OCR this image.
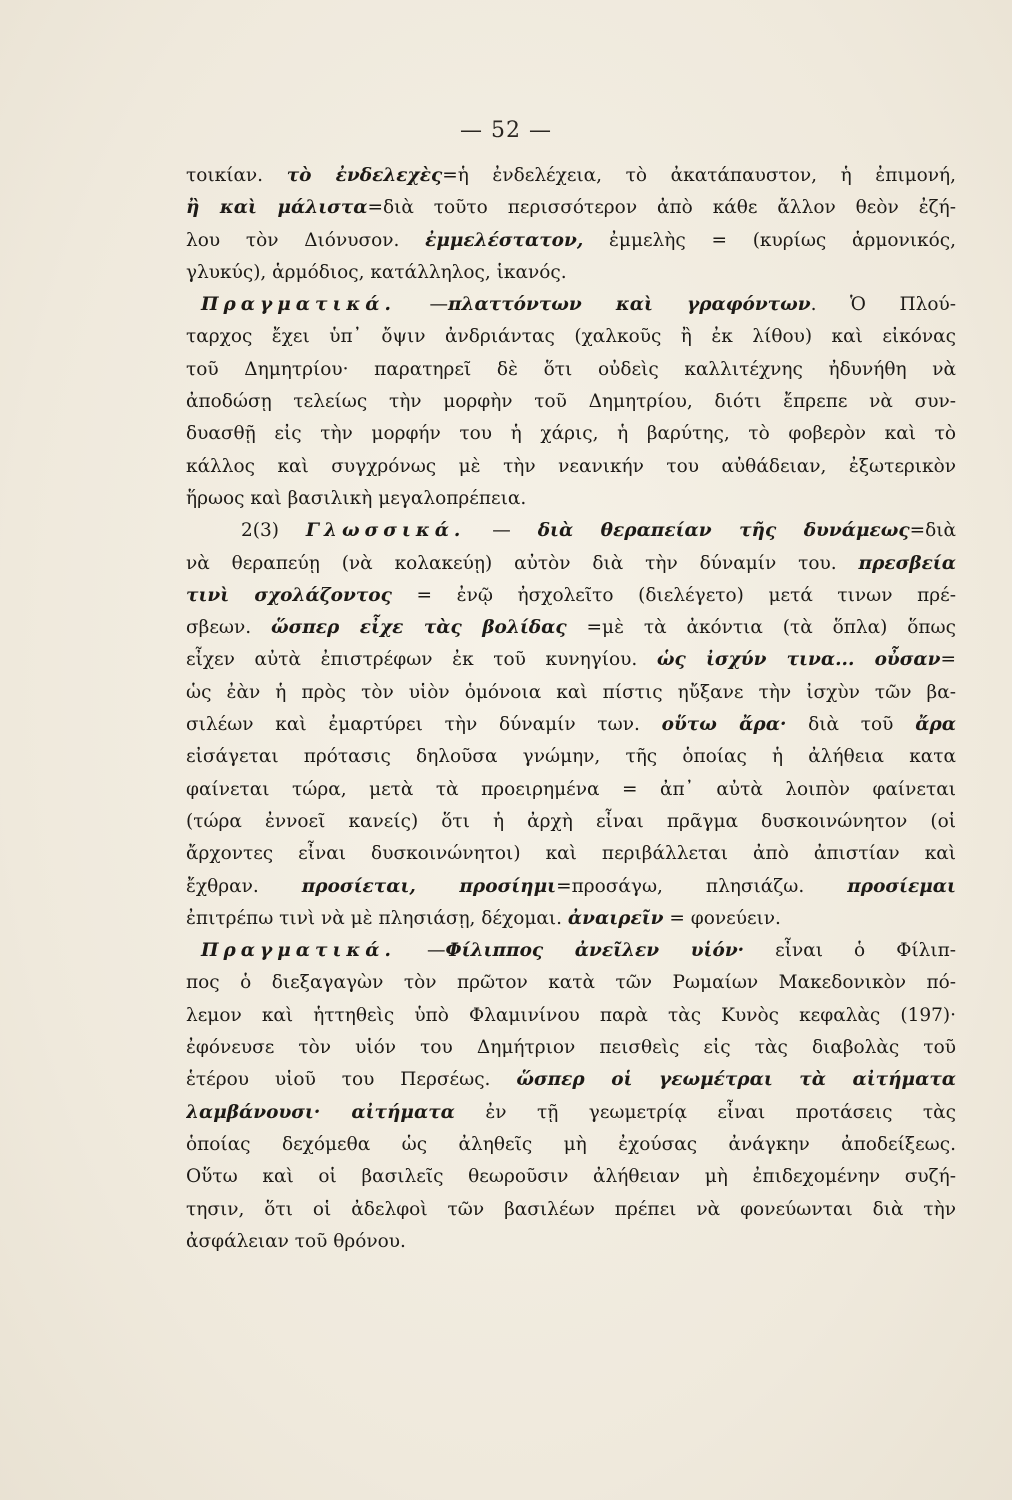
— 52 —
τοικίαν. τὸ ἐνδελεχὲς=ἡ ἐνδελέχεια, τὸ ἀκατάπαυστον, ἡ ἐπιμονή,
ἢ καὶ μάλιστα=διὰ τοῦτο περισσότερον ἀπὸ κάθε ἄλλον θεὸν ἐζή-
λου τὸν Διόνυσον. ἐμμελέστατον, ἐμμελὴς = (κυρίως ἁρμονικός,
γλυκύς), ἁρμόδιος, κατάλληλος, ἱκανός.
Πραγματικά. —πλαττόντων καὶ γραφόντων. Ὁ Πλού-
ταρχος ἔχει ὑπ᾽ ὄψιν ἀνδριάντας (χαλκοῦς ἢ ἐκ λίθου) καὶ εἰκόνας
τοῦ Δημητρίου· παρατηρεῖ δὲ ὅτι οὐδεὶς καλλιτέχνης ἠδυνήθη νὰ
ἀποδώσῃ τελείως τὴν μορφὴν τοῦ Δημητρίου, διότι ἔπρεπε νὰ συν-
δυασθῇ εἰς τὴν μορφήν του ἡ χάρις, ἡ βαρύτης, τὸ φοβερὸν καὶ τὸ
κάλλος καὶ συγχρόνως μὲ τὴν νεανικήν του αὐθάδειαν, ἐξωτερικὸν
ἥρωος καὶ βασιλικὴ μεγαλοπρέπεια.
2(3) Γλωσσικά. — διὰ θεραπείαν τῆς δυνάμεως=διὰ
νὰ θεραπεύῃ (νὰ κολακεύῃ) αὐτὸν διὰ τὴν δύναμίν του. πρεσβεία
τινὶ σχολάζοντος = ἐνῷ ἠσχολεῖτο (διελέγετο) μετά τινων πρέ-
σβεων. ὥσπερ εἶχε τὰς βολίδας =μὲ τὰ ἀκόντια (τὰ ὅπλα) ὅπως
εἶχεν αὐτὰ ἐπιστρέφων ἐκ τοῦ κυνηγίου. ὡς ἰσχύν τινα... οὖσαν=
ὡς ἐὰν ἡ πρὸς τὸν υἱὸν ὁμόνοια καὶ πίστις ηὔξανε τὴν ἰσχὺν τῶν βα-
σιλέων καὶ ἐμαρτύρει τὴν δύναμίν των. οὕτω ἄρα· διὰ τοῦ ἄρα
εἰσάγεται πρότασις δηλοῦσα γνώμην, τῆς ὁποίας ἡ ἀλήθεια κατα
φαίνεται τώρα, μετὰ τὰ προειρημένα = ἀπ᾽ αὐτὰ λοιπὸν φαίνεται
(τώρα ἐννοεῖ κανείς) ὅτι ἡ ἀρχὴ εἶναι πρᾶγμα δυσκοινώνητον (οἱ
ἄρχοντες εἶναι δυσκοινώνητοι) καὶ περιβάλλεται ἀπὸ ἀπιστίαν καὶ
ἔχθραν. προσίεται, προσίημι=προσάγω, πλησιάζω. προσίεμαι
ἐπιτρέπω τινὶ νὰ μὲ πλησιάσῃ, δέχομαι. ἀναιρεῖν = φονεύειν.
Πραγματικά. —Φίλιππος ἀνεῖλεν υἱόν· εἶναι ὁ Φίλιπ-
πος ὁ διεξαγαγὼν τὸν πρῶτον κατὰ τῶν Ρωμαίων Μακεδονικὸν πό-
λεμον καὶ ἡττηθεὶς ὑπὸ Φλαμινίνου παρὰ τὰς Κυνὸς κεφαλὰς (197)·
ἐφόνευσε τὸν υἱόν του Δημήτριον πεισθεὶς εἰς τὰς διαβολὰς τοῦ
ἑτέρου υἱοῦ του Περσέως. ὥσπερ οἱ γεωμέτραι τὰ αἰτήματα
λαμβάνουσι· αἰτήματα ἐν τῇ γεωμετρίᾳ εἶναι προτάσεις τὰς
ὁποίας δεχόμεθα ὡς ἀληθεῖς μὴ ἐχούσας ἀνάγκην ἀποδείξεως.
Οὕτω καὶ οἱ βασιλεῖς θεωροῦσιν ἀλήθειαν μὴ ἐπιδεχομένην συζή-
τησιν, ὅτι οἱ ἀδελφοὶ τῶν βασιλέων πρέπει νὰ φονεύωνται διὰ τὴν
ἀσφάλειαν τοῦ θρόνου.
